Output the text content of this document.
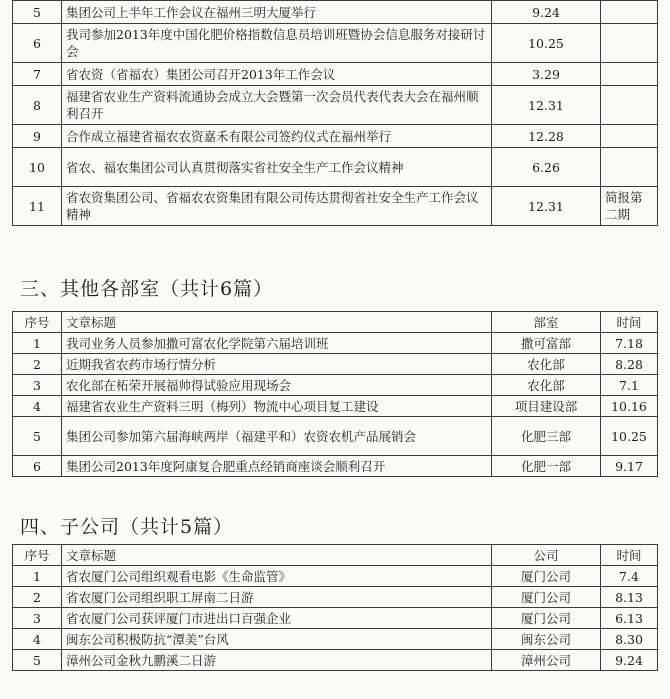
5	集团公司上半年工作会议在福州三明大厦举行	9.24	
6	我司参加2013年度中国化肥价格指数信息员培训班暨协会信息服务对接研讨会	10.25	
7	省农资（省福农）集团公司召开2013年工作会议	3.29	
8	福建省农业生产资料流通协会成立大会暨第一次会员代表代表大会在福州顺利召开	12.31	
9	合作成立福建省福农农资嘉禾有限公司签约仪式在福州举行	12.28	
10	省农、福农集团公司认真贯彻落实省社安全生产工作会议精神	6.26	
11	省农资集团公司、省福农农资集团有限公司传达贯彻省社安全生产工作会议精神	12.31	简报第二期
三、其他各部室（共计6篇）
序号	文章标题	部室	时间
1	我司业务人员参加撒可富农化学院第六届培训班	撒可富部	7.18
2	近期我省农药市场行情分析	农化部	8.28
3	农化部在柘荣开展福帅得试验应用现场会	农化部	7.1
4	福建省农业生产资料三明（梅列）物流中心项目复工建设	项目建设部	10.16
5	集团公司参加第六届海峡两岸（福建平和）农资农机产品展销会	化肥三部	10.25
6	集团公司2013年度阿康复合肥重点经销商座谈会顺利召开	化肥一部	9.17
四、子公司（共计5篇）
序号	文章标题	公司	时间
1	省农厦门公司组织观看电影《生命监管》	厦门公司	7.4
2	省农厦门公司组织职工屏南二日游	厦门公司	8.13
3	省农厦门公司获评厦门市进出口百强企业	厦门公司	6.13
4	闽东公司积极防抗“潭美”台风	闽东公司	8.30
5	漳州公司金秋九鹏溪二日游	漳州公司	9.24
